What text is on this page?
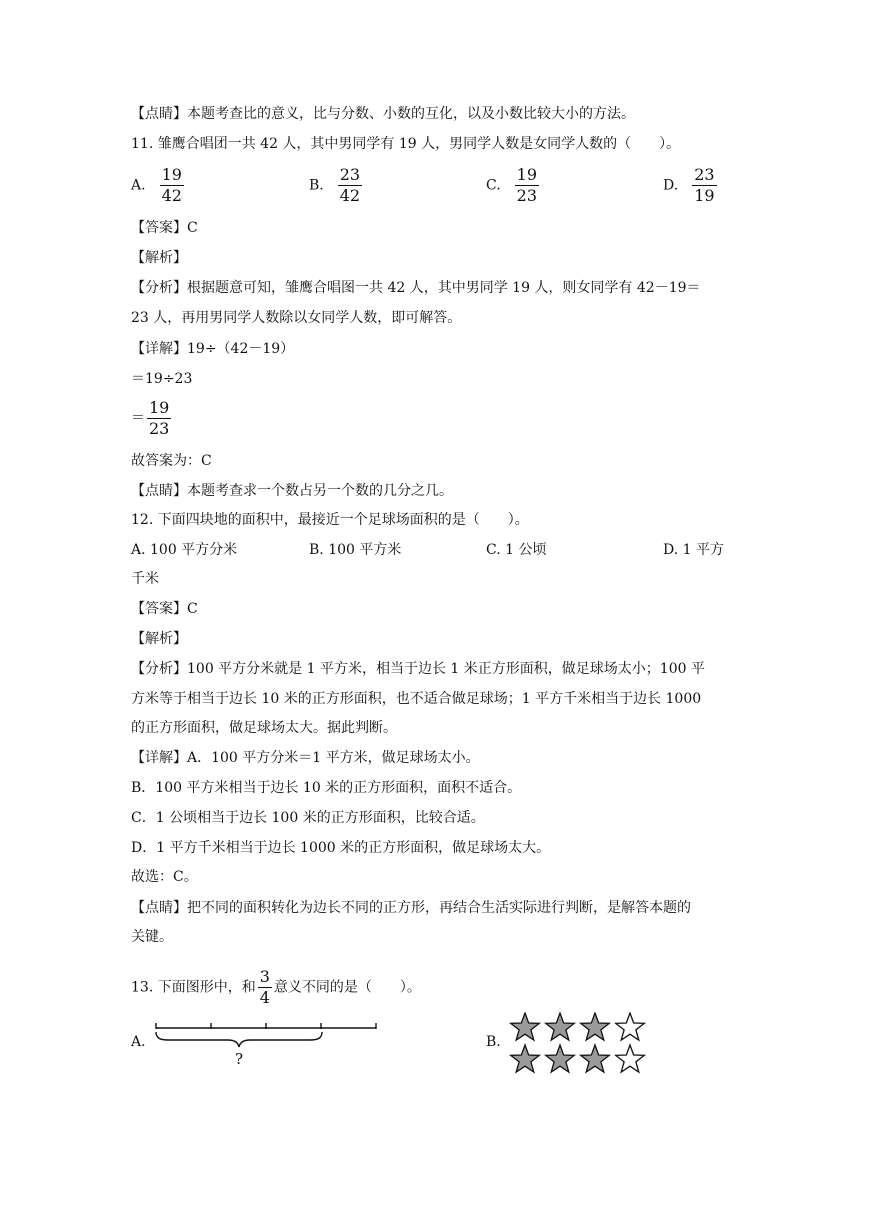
【点睛】本题考查比的意义，比与分数、小数的互化，以及小数比较大小的方法。
11. 雏鹰合唱团一共 42 人，其中男同学有 19 人，男同学人数是女同学人数的（　　）。
A. $\frac{19}{42}$	B. $\frac{23}{42}$	C. $\frac{19}{23}$	D. $\frac{23}{19}$
【答案】C
【解析】
【分析】根据题意可知，雏鹰合唱图一共 42 人，其中男同学 19 人，则女同学有 42－19＝
23 人，再用男同学人数除以女同学人数，即可解答。
【详解】19÷（42－19）
＝19÷23
＝ $\frac{19}{23}$
故答案为：C
【点睛】本题考查求一个数占另一个数的几分之几。
12. 下面四块地的面积中，最接近一个足球场面积的是（　　）。
A. 100 平方分米	B. 100 平方米	C. 1 公顷	D. 1 平方
千米
【答案】C
【解析】
【分析】100 平方分米就是 1 平方米，相当于边长 1 米正方形面积，做足球场太小；100 平
方米等于相当于边长 10 米的正方形面积，也不适合做足球场；1 平方千米相当于边长 1000
的正方形面积，做足球场太大。据此判断。
【详解】A．100 平方分米＝1 平方米，做足球场太小。
B．100 平方米相当于边长 10 米的正方形面积，面积不适合。
C．1 公顷相当于边长 100 米的正方形面积，比较合适。
D．1 平方千米相当于边长 1000 米的正方形面积，做足球场太大。
故选：C。
【点睛】把不同的面积转化为边长不同的正方形，再结合生活实际进行判断，是解答本题的
关键。
13. 下面图形中，和 $\frac{3}{4}$ 意义不同的是（　　）。
A.
?
B.
